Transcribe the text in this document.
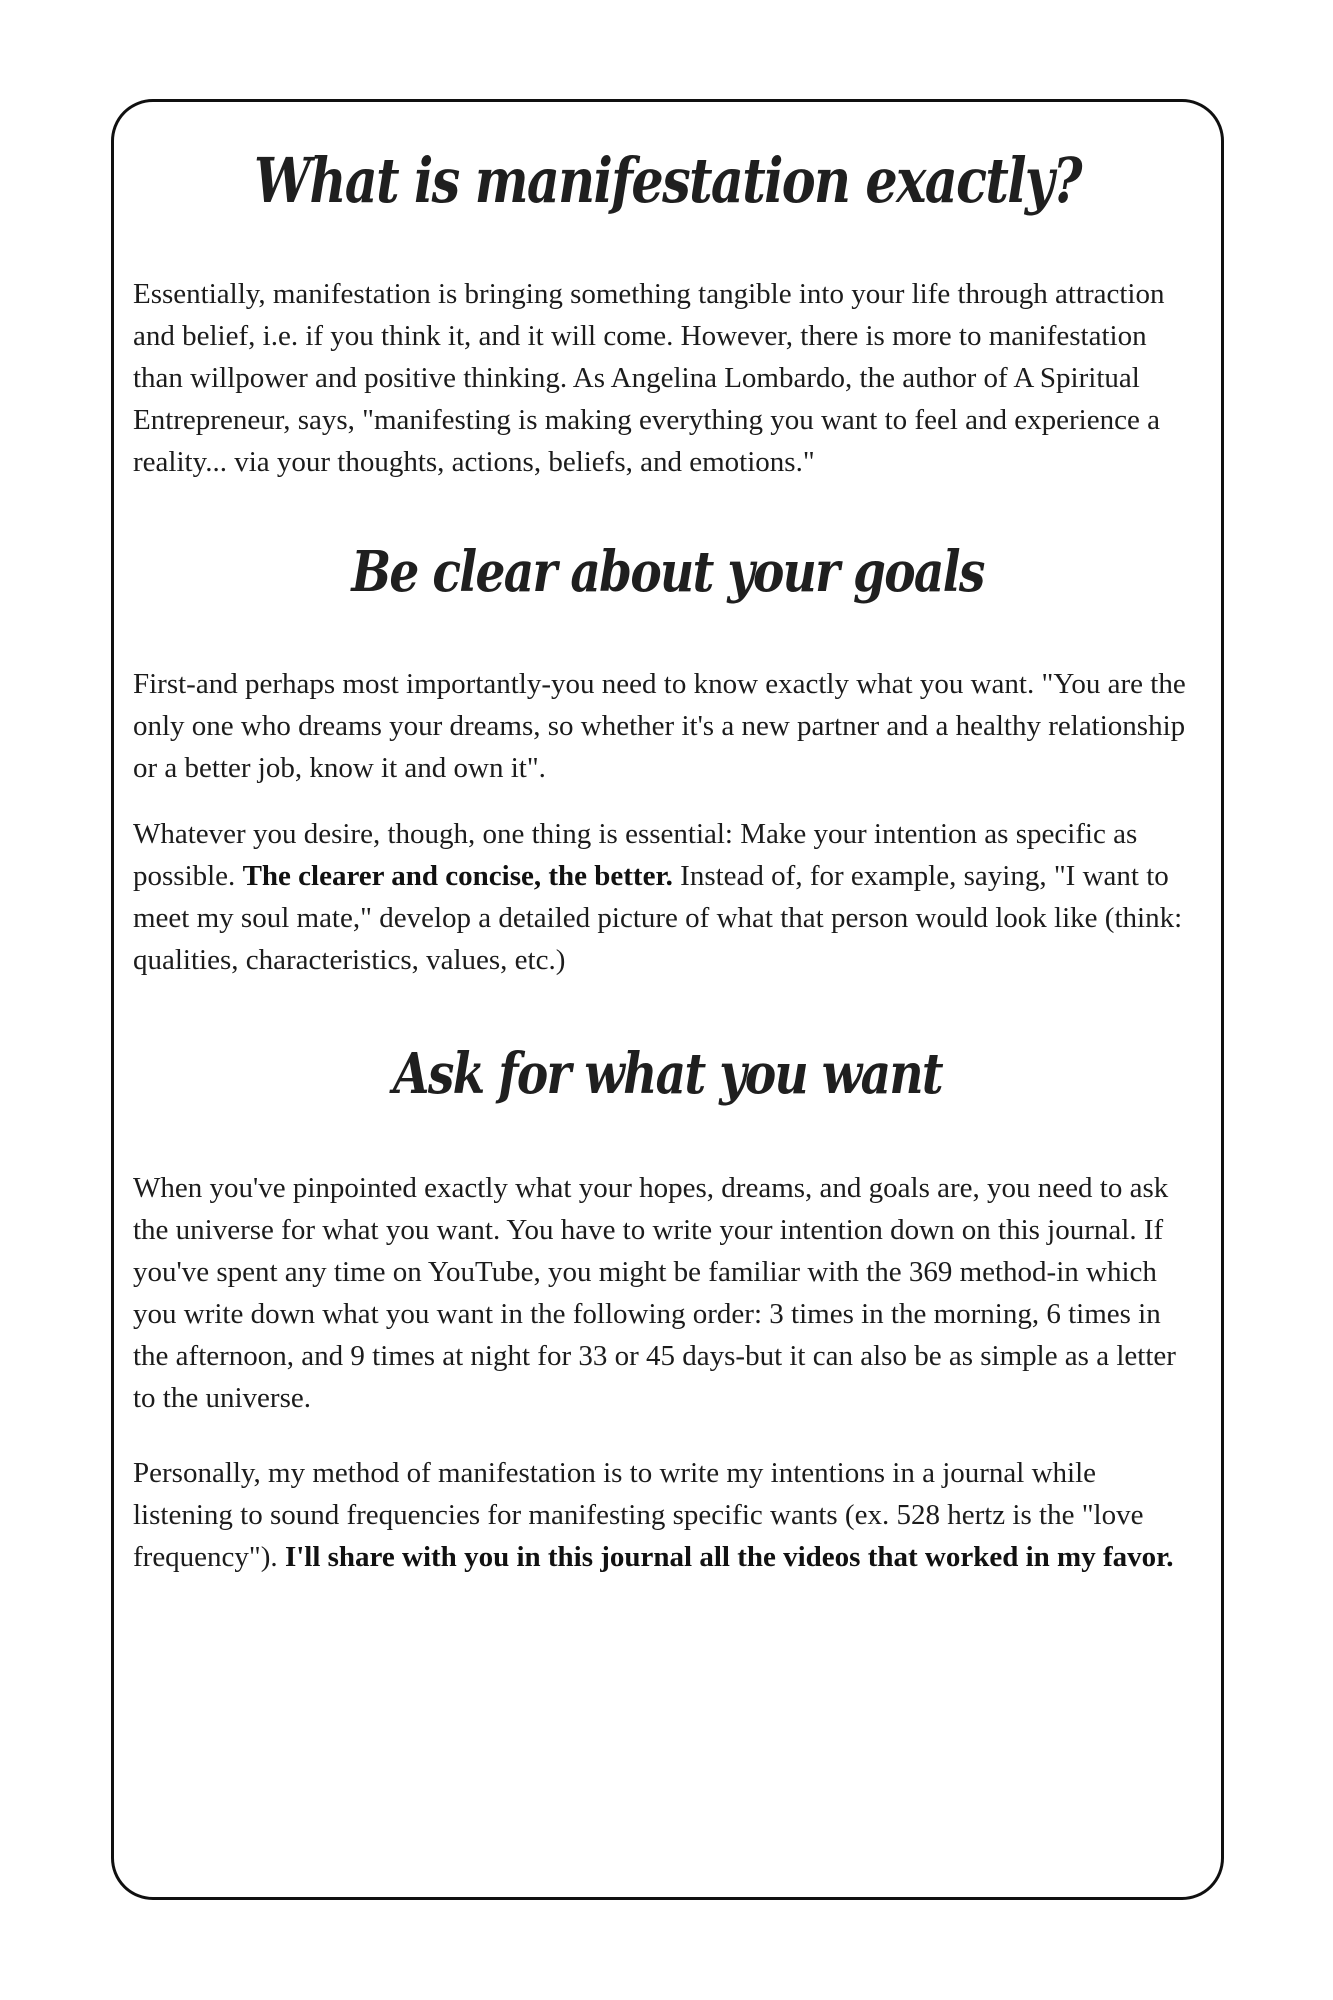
What is manifestation exactly?

Essentially, manifestation is bringing something tangible into your life through attraction and belief, i.e. if you think it, and it will come. However, there is more to manifestation than willpower and positive thinking. As Angelina Lombardo, the author of A Spiritual Entrepreneur, says, "manifesting is making everything you want to feel and experience a reality... via your thoughts, actions, beliefs, and emotions."

Be clear about your goals

First-and perhaps most importantly-you need to know exactly what you want. "You are the only one who dreams your dreams, so whether it's a new partner and a healthy relationship or a better job, know it and own it".

Whatever you desire, though, one thing is essential: Make your intention as specific as possible. The clearer and concise, the better. Instead of, for example, saying, "I want to meet my soul mate," develop a detailed picture of what that person would look like (think: qualities, characteristics, values, etc.)

Ask for what you want

When you've pinpointed exactly what your hopes, dreams, and goals are, you need to ask the universe for what you want. You have to write your intention down on this journal. If you've spent any time on YouTube, you might be familiar with the 369 method-in which you write down what you want in the following order: 3 times in the morning, 6 times in the afternoon, and 9 times at night for 33 or 45 days-but it can also be as simple as a letter to the universe.

Personally, my method of manifestation is to write my intentions in a journal while listening to sound frequencies for manifesting specific wants (ex. 528 hertz is the "love frequency"). I'll share with you in this journal all the videos that worked in my favor.
